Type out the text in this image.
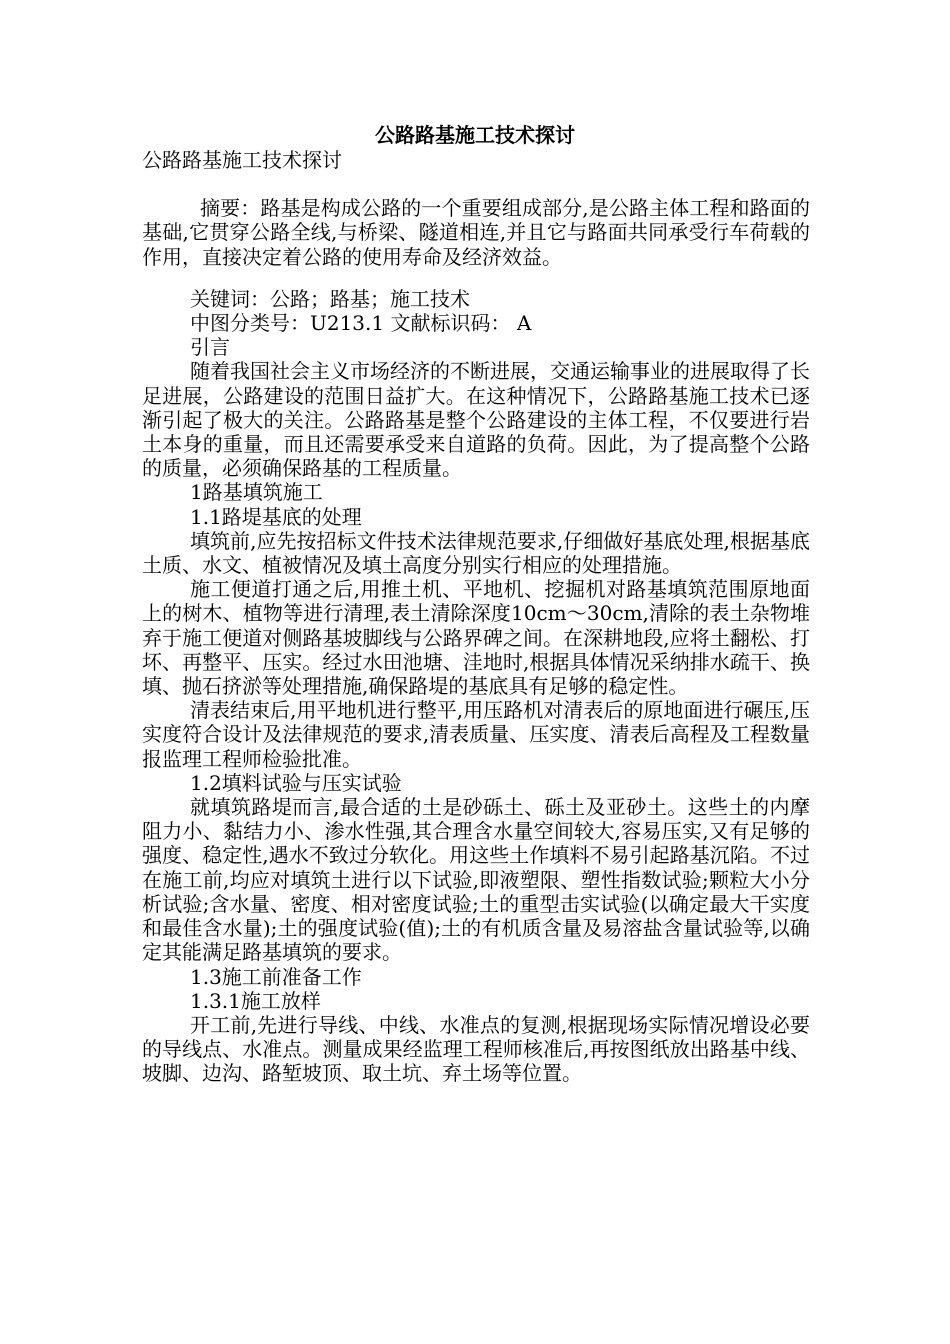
公路路基施工技术探讨

公路路基施工技术探讨

摘要：路基是构成公路的一个重要组成部分,是公路主体工程和路面的基础,它贯穿公路全线,与桥梁、隧道相连,并且它与路面共同承受行车荷载的作用，直接决定着公路的使用寿命及经济效益。

关键词：公路；路基；施工技术

中图分类号：U213.1 文献标识码： A

引言

随着我国社会主义市场经济的不断进展，交通运输事业的进展取得了长足进展，公路建设的范围日益扩大。在这种情况下，公路路基施工技术已逐渐引起了极大的关注。公路路基是整个公路建设的主体工程，不仅要进行岩土本身的重量，而且还需要承受来自道路的负荷。因此，为了提高整个公路的质量，必须确保路基的工程质量。

1路基填筑施工

1.1路堤基底的处理

填筑前,应先按招标文件技术法律规范要求,仔细做好基底处理,根据基底土质、水文、植被情况及填土高度分别实行相应的处理措施。

施工便道打通之后,用推土机、平地机、挖掘机对路基填筑范围原地面上的树木、植物等进行清理,表土清除深度10cm～30cm,清除的表土杂物堆弃于施工便道对侧路基坡脚线与公路界碑之间。在深耕地段,应将土翻松、打坏、再整平、压实。经过水田池塘、洼地时,根据具体情况采纳排水疏干、换填、抛石挤淤等处理措施,确保路堤的基底具有足够的稳定性。

清表结束后,用平地机进行整平,用压路机对清表后的原地面进行碾压,压实度符合设计及法律规范的要求,清表质量、压实度、清表后高程及工程数量报监理工程师检验批准。

1.2填料试验与压实试验

就填筑路堤而言,最合适的土是砂砾土、砾土及亚砂土。这些土的内摩阻力小、黏结力小、渗水性强,其合理含水量空间较大,容易压实,又有足够的强度、稳定性,遇水不致过分软化。用这些土作填料不易引起路基沉陷。不过在施工前,均应对填筑土进行以下试验,即液塑限、塑性指数试验;颗粒大小分析试验;含水量、密度、相对密度试验;土的重型击实试验(以确定最大干实度和最佳含水量);土的强度试验(值);土的有机质含量及易溶盐含量试验等,以确定其能满足路基填筑的要求。

1.3施工前准备工作

1.3.1施工放样

开工前,先进行导线、中线、水准点的复测,根据现场实际情况增设必要的导线点、水准点。测量成果经监理工程师核准后,再按图纸放出路基中线、坡脚、边沟、路堑坡顶、取土坑、弃土场等位置。
